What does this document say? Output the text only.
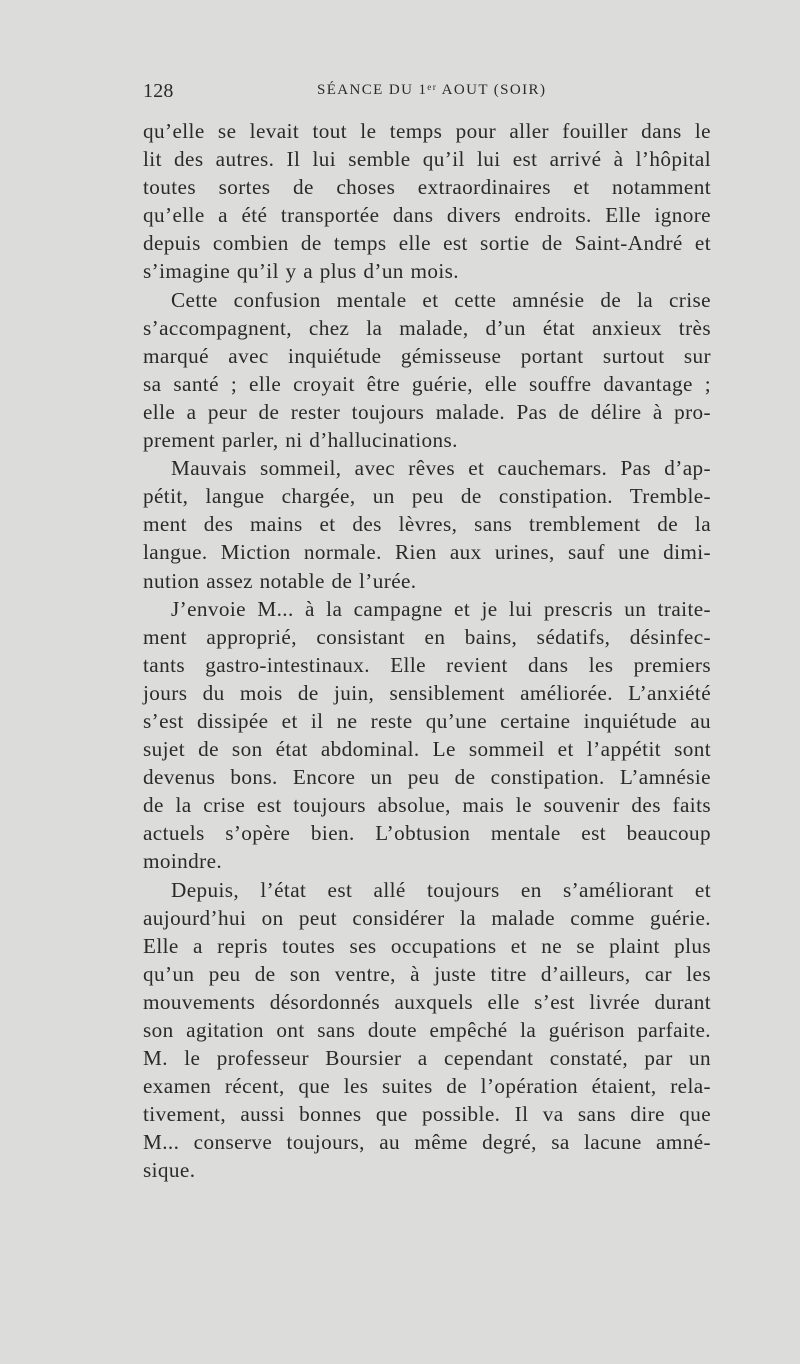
128	SÉANCE DU 1ᵉʳ AOUT (SOIR)
qu’elle se levait tout le temps pour aller fouiller dans le
lit des autres. Il lui semble qu’il lui est arrivé à l’hôpital
toutes sortes de choses extraordinaires et notamment
qu’elle a été transportée dans divers endroits. Elle ignore
depuis combien de temps elle est sortie de Saint-André et
s’imagine qu’il y a plus d’un mois.
Cette confusion mentale et cette amnésie de la crise
s’accompagnent, chez la malade, d’un état anxieux très
marqué avec inquiétude gémisseuse portant surtout sur
sa santé ; elle croyait être guérie, elle souffre davantage ;
elle a peur de rester toujours malade. Pas de délire à pro-
prement parler, ni d’hallucinations.
Mauvais sommeil, avec rêves et cauchemars. Pas d’ap-
pétit, langue chargée, un peu de constipation. Tremble-
ment des mains et des lèvres, sans tremblement de la
langue. Miction normale. Rien aux urines, sauf une dimi-
nution assez notable de l’urée.
J’envoie M... à la campagne et je lui prescris un traite-
ment approprié, consistant en bains, sédatifs, désinfec-
tants gastro-intestinaux. Elle revient dans les premiers
jours du mois de juin, sensiblement améliorée. L’anxiété
s’est dissipée et il ne reste qu’une certaine inquiétude au
sujet de son état abdominal. Le sommeil et l’appétit sont
devenus bons. Encore un peu de constipation. L’amnésie
de la crise est toujours absolue, mais le souvenir des faits
actuels s’opère bien. L’obtusion mentale est beaucoup
moindre.
Depuis, l’état est allé toujours en s’améliorant et
aujourd’hui on peut considérer la malade comme guérie.
Elle a repris toutes ses occupations et ne se plaint plus
qu’un peu de son ventre, à juste titre d’ailleurs, car les
mouvements désordonnés auxquels elle s’est livrée durant
son agitation ont sans doute empêché la guérison parfaite.
M. le professeur Boursier a cependant constaté, par un
examen récent, que les suites de l’opération étaient, rela-
tivement, aussi bonnes que possible. Il va sans dire que
M... conserve toujours, au même degré, sa lacune amné-
sique.
